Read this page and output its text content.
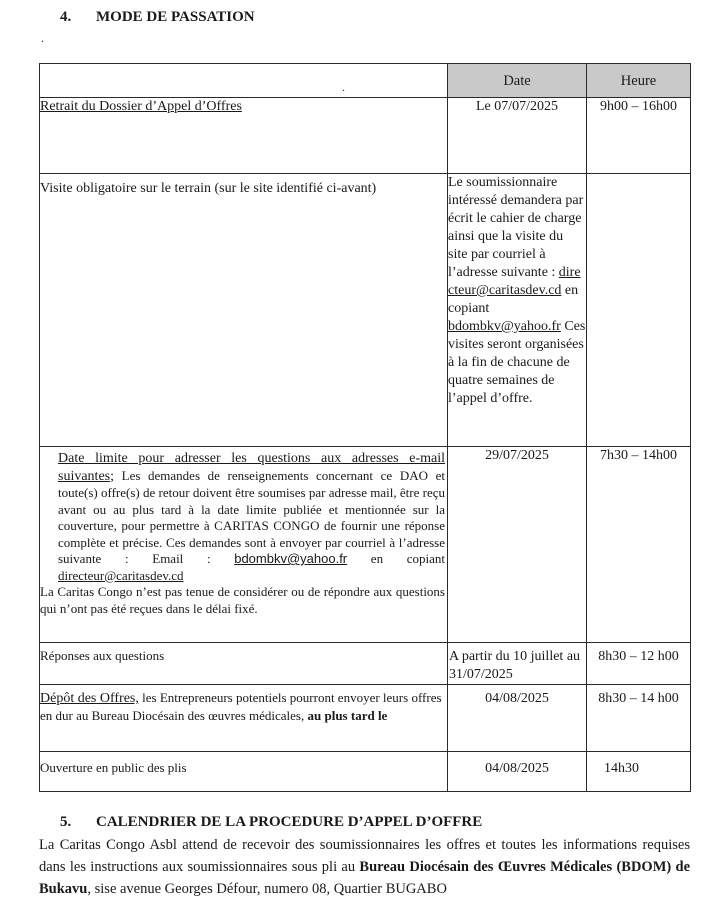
4. MODE DE PASSATION
.
.	Date	Heure
Retrait du Dossier d’Appel d’Offres	Le 07/07/2025	9h00 – 16h00
Visite obligatoire sur le terrain (sur le site identifié ci-avant)	Le soumissionnaire intéressé demandera par écrit le cahier de charge ainsi que la visite du site par courriel à l’adresse suivante : directeur@caritasdev.cd en copiant bdombkv@yahoo.fr Ces visites seront organisées à la fin de chacune de quatre semaines de l’appel d’offre.	

Date limite pour adresser les questions aux adresses e-mail suivantes; Les demandes de renseignements concernant ce DAO et toute(s) offre(s) de retour doivent être soumises par adresse mail, être reçu avant ou au plus tard à la date limite publiée et mentionnée sur la couverture, pour permettre à CARITAS CONGO de fournir une réponse complète et précise. Ces demandes sont à envoyer par courriel à l’adresse suivante : Email : bdombkv@yahoo.fr en copiant directeur@caritasdev.cd
La Caritas Congo n’est pas tenue de considérer ou de répondre aux questions qui n’ont pas été reçues dans le délai fixé.	29/07/2025	7h30 – 14h00
Réponses aux questions	A partir du 10 juillet au 31/07/2025	8h30 – 12 h00
Dépôt des Offres, les Entrepreneurs potentiels pourront envoyer leurs offres en dur au Bureau Diocésain des œuvres médicales, au plus tard le	04/08/2025	8h30 – 14 h00
Ouverture en public des plis	04/08/2025	14h30
5. CALENDRIER DE LA PROCEDURE D’APPEL D’OFFRE
La Caritas Congo Asbl attend de recevoir des soumissionnaires les offres et toutes les informations requises dans les instructions aux soumissionnaires sous pli au Bureau Diocésain des Œuvres Médicales (BDOM) de Bukavu, sise avenue Georges Défour, numero 08, Quartier BUGABO
